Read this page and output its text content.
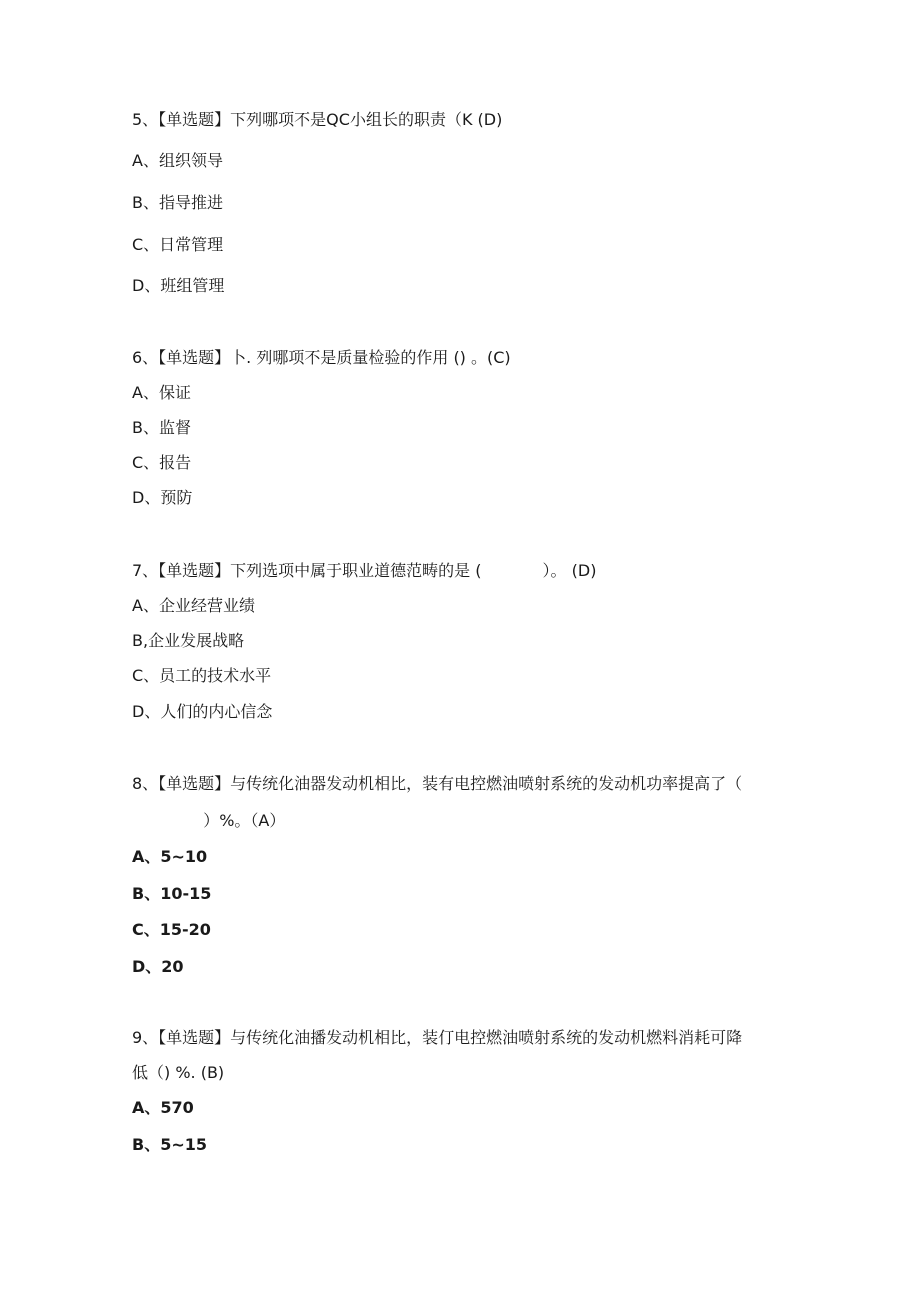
5、【单选题】下列哪项不是QC小组长的职责（K (D)
A、组织领导
B、指导推进
C、日常管理
D、班组管理
6、【单选题】卜. 列哪项不是质量检验的作用 () 。(C)
A、保证
B、监督
C、报告
D、预防
7、【单选题】下列选项中属于职业道德范畴的是 (            ）。 (D)
A、企业经营业绩
B,企业发展战略
C、员工的技术水平
D、人们的内心信念
8、【单选题】与传统化油器发动机相比，装有电控燃油喷射系统的发动机功率提高了（
）%。（A）
A、5~10
B、10-15
C、15-20
D、20
9、【单选题】与传统化油播发动机相比，装仃电控燃油喷射系统的发动机燃料消耗可降
低（) %. (B)
A、570
B、5~15
